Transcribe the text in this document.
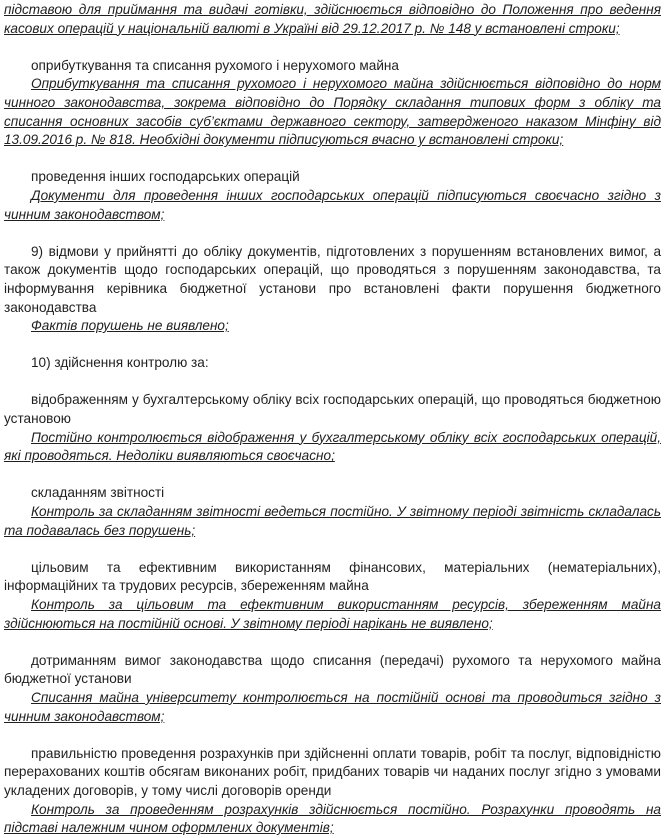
підставою для приймання та видачі готівки, здійснюється відповідно до Положення про ведення касових операцій у національній валюті в Україні від 29.12.2017 р. № 148 у встановлені строки;

оприбуткування та списання рухомого і нерухомого майна

Оприбуткування та списання рухомого і нерухомого майна здійснюється відповідно до норм чинного законодавства, зокрема відповідно до Порядку складання типових форм з обліку та списання основних засобів суб’єктами державного сектору, затвердженого наказом Мінфіну від 13.09.2016 р. № 818. Необхідні документи підписуються вчасно у встановлені строки;

проведення інших господарських операцій

Документи для проведення інших господарських операцій підписуються своєчасно згідно з чинним законодавством;

9) відмови у прийнятті до обліку документів, підготовлених з порушенням встановлених вимог, а також документів щодо господарських операцій, що проводяться з порушенням законодавства, та інформування керівника бюджетної установи про встановлені факти порушення бюджетного законодавства

Фактів порушень не виявлено;

10) здійснення контролю за:

відображенням у бухгалтерському обліку всіх господарських операцій, що проводяться бюджетною установою

Постійно контролюється відображення у бухгалтерському обліку всіх господарських операцій, які проводяться. Недоліки виявляються своєчасно;

складанням звітності

Контроль за складанням звітності ведеться постійно. У звітному періоді звітність складалась та подавалась без порушень;

цільовим та ефективним використанням фінансових, матеріальних (нематеріальних), інформаційних та трудових ресурсів, збереженням майна

Контроль за цільовим та ефективним використанням ресурсів, збереженням майна здійснюються на постійній основі. У звітному періоді нарікань не виявлено;

дотриманням вимог законодавства щодо списання (передачі) рухомого та нерухомого майна бюджетної установи

Списання майна університету контролюється на постійній основі та проводиться згідно з чинним законодавством;

правильністю проведення розрахунків при здійсненні оплати товарів, робіт та послуг, відповідністю перерахованих коштів обсягам виконаних робіт, придбаних товарів чи наданих послуг згідно з умовами укладених договорів, у тому числі договорів оренди

Контроль за проведенням розрахунків здійснюється постійно. Розрахунки проводять на підставі належним чином оформлених документів;
